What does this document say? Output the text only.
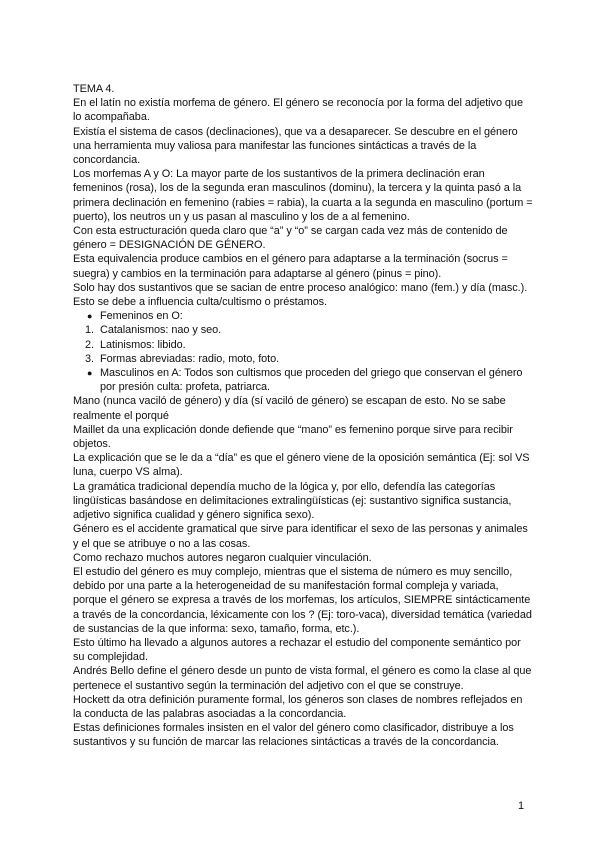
TEMA 4.

En el latín no existía morfema de género. El género se reconocía por la forma del adjetivo que lo acompañaba.

Existía el sistema de casos (declinaciones), que va a desaparecer. Se descubre en el género una herramienta muy valiosa para manifestar las funciones sintácticas a través de la concordancia.

Los morfemas A y O: La mayor parte de los sustantivos de la primera declinación eran femeninos (rosa), los de la segunda eran masculinos (dominu), la tercera y la quinta pasó a la primera declinación en femenino (rabies = rabia), la cuarta a la segunda en masculino (portum = puerto), los neutros un y us pasan al masculino y los de a al femenino.

Con esta estructuración queda claro que “a” y “o” se cargan cada vez más de contenido de género = DESIGNACIÓN DE GÉNERO.

Esta equivalencia produce cambios en el género para adaptarse a la terminación (socrus = suegra) y cambios en la terminación para adaptarse al género (pinus = pino).

Solo hay dos sustantivos que se sacian de entre proceso analógico: mano (fem.) y día (masc.). Esto se debe a influencia culta/cultismo o préstamos.

● Femeninos en O:
1. Catalanismos: nao y seo.
2. Latinismos: libido.
3. Formas abreviadas: radio, moto, foto.
● Masculinos en A: Todos son cultismos que proceden del griego que conservan el género por presión culta: profeta, patriarca.

Mano (nunca vaciló de género) y día (sí vaciló de género) se escapan de esto. No se sabe realmente el porqué

Maillet da una explicación donde defiende que “mano” es femenino porque sirve para recibir objetos.

La explicación que se le da a “día” es que el género viene de la oposición semántica (Ej: sol VS luna, cuerpo VS alma).

La gramática tradicional dependía mucho de la lógica y, por ello, defendía las categorías lingüísticas basándose en delimitaciones extralingüísticas (ej: sustantivo significa sustancia, adjetivo significa cualidad y género significa sexo).

Género es el accidente gramatical que sirve para identificar el sexo de las personas y animales y el que se atribuye o no a las cosas.

Como rechazo muchos autores negaron cualquier vinculación.

El estudio del género es muy complejo, mientras que el sistema de número es muy sencillo, debido por una parte a la heterogeneidad de su manifestación formal compleja y variada, porque el género se expresa a través de los morfemas, los artículos, SIEMPRE sintácticamente a través de la concordancia, léxicamente con los ? (Ej: toro-vaca), diversidad temática (variedad de sustancias de la que informa: sexo, tamaño, forma, etc.).

Esto último ha llevado a algunos autores a rechazar el estudio del componente semántico por su complejidad.

Andrés Bello define el género desde un punto de vista formal, el género es como la clase al que pertenece el sustantivo según la terminación del adjetivo con el que se construye.

Hockett da otra definición puramente formal, los géneros son clases de nombres reflejados en la conducta de las palabras asociadas a la concordancia.

Estas definiciones formales insisten en el valor del género como clasificador, distribuye a los sustantivos y su función de marcar las relaciones sintácticas a través de la concordancia.

1
